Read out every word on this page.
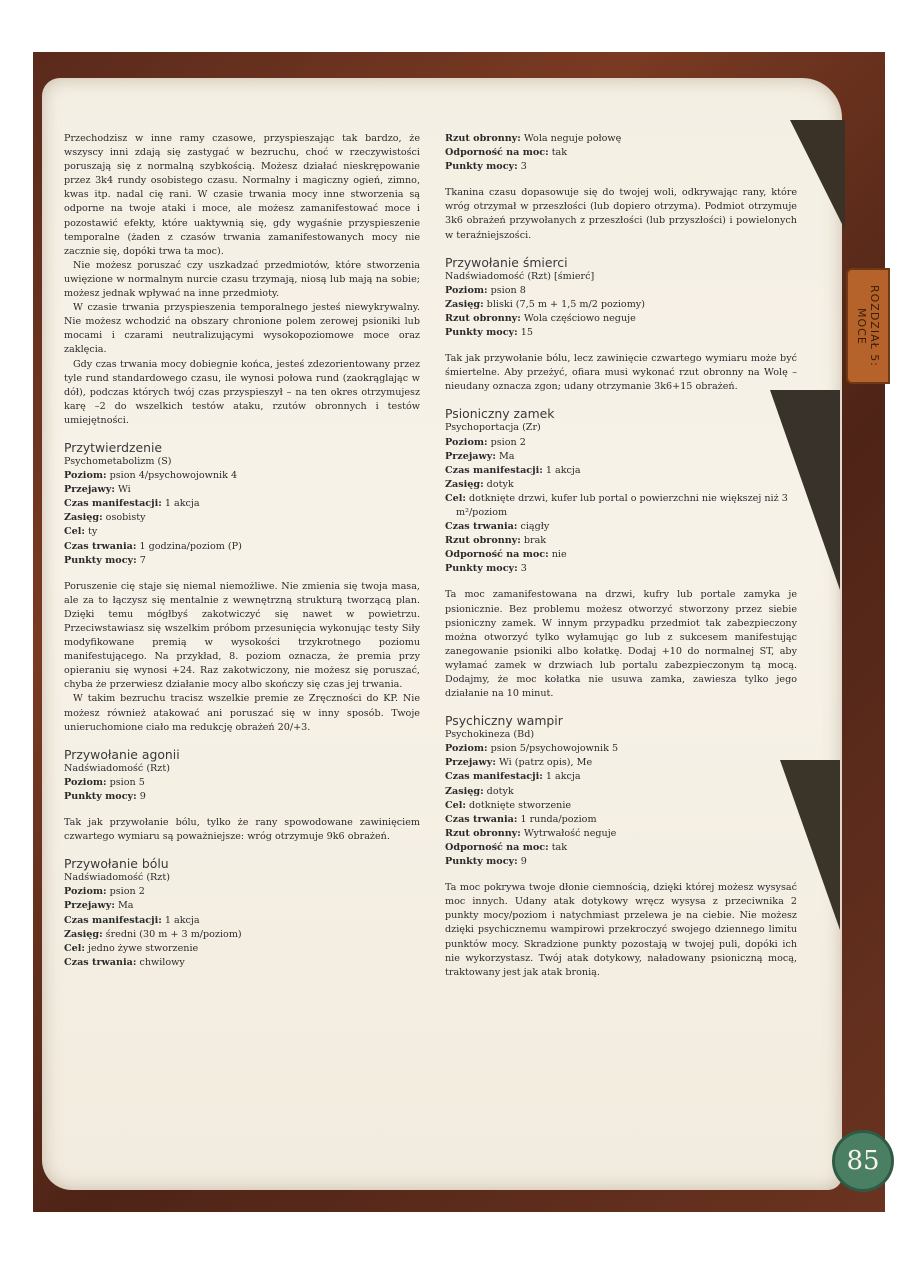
ROZDZIAŁ 5:
MOCE
85

Przechodzisz w inne ramy czasowe, przyspieszając tak bardzo, że wszyscy inni zdają się zastygać w bezruchu, choć w rzeczywistości poruszają się z normalną szybkością. Możesz działać nieskrępowanie przez 3k4 rundy osobistego czasu. Normalny i magiczny ogień, zimno, kwas itp. nadal cię rani. W czasie trwania mocy inne stworzenia są odporne na twoje ataki i moce, ale możesz zamanifestować moce i pozostawić efekty, które uaktywnią się, gdy wygaśnie przyspieszenie temporalne (żaden z czasów trwania zamanifestowanych mocy nie zacznie się, dopóki trwa ta moc).

Nie możesz poruszać czy uszkadzać przedmiotów, które stworzenia uwięzione w normalnym nurcie czasu trzymają, niosą lub mają na sobie; możesz jednak wpływać na inne przedmioty.

W czasie trwania przyspieszenia temporalnego jesteś niewykrywalny. Nie możesz wchodzić na obszary chronione polem zerowej psioniki lub mocami i czarami neutralizującymi wysokopoziomowe moce oraz zaklęcia.

Gdy czas trwania mocy dobiegnie końca, jesteś zdezorientowany przez tyle rund standardowego czasu, ile wynosi połowa rund (zaokrąglając w dół), podczas których twój czas przyspieszył – na ten okres otrzymujesz karę –2 do wszelkich testów ataku, rzutów obronnych i testów umiejętności.

Przytwierdzenie
Psychometabolizm (S)
Poziom: psion 4/psychowojownik 4
Przejawy: Wi
Czas manifestacji: 1 akcja
Zasięg: osobisty
Cel: ty
Czas trwania: 1 godzina/poziom (P)
Punkty mocy: 7

Poruszenie cię staje się niemal niemożliwe. Nie zmienia się twoja masa, ale za to łączysz się mentalnie z wewnętrzną strukturą tworzącą plan. Dzięki temu mógłbyś zakotwiczyć się nawet w powietrzu. Przeciwstawiasz się wszelkim próbom przesunięcia wykonując testy Siły modyfikowane premią w wysokości trzykrotnego poziomu manifestującego. Na przykład, 8. poziom oznacza, że premia przy opieraniu się wynosi +24. Raz zakotwiczony, nie możesz się poruszać, chyba że przerwiesz działanie mocy albo skończy się czas jej trwania.

W takim bezruchu tracisz wszelkie premie ze Zręczności do KP. Nie możesz również atakować ani poruszać się w inny sposób. Twoje unieruchomione ciało ma redukcję obrażeń 20/+3.

Przywołanie agonii
Nadświadomość (Rzt)
Poziom: psion 5
Punkty mocy: 9

Tak jak przywołanie bólu, tylko że rany spowodowane zawinięciem czwartego wymiaru są poważniejsze: wróg otrzymuje 9k6 obrażeń.

Przywołanie bólu
Nadświadomość (Rzt)
Poziom: psion 2
Przejawy: Ma
Czas manifestacji: 1 akcja
Zasięg: średni (30 m + 3 m/poziom)
Cel: jedno żywe stworzenie
Czas trwania: chwilowy
Rzut obronny: Wola neguje połowę
Odporność na moc: tak
Punkty mocy: 3

Tkanina czasu dopasowuje się do twojej woli, odkrywając rany, które wróg otrzymał w przeszłości (lub dopiero otrzyma). Podmiot otrzymuje 3k6 obrażeń przywołanych z przeszłości (lub przyszłości) i powielonych w teraźniejszości.

Przywołanie śmierci
Nadświadomość (Rzt) [śmierć]
Poziom: psion 8
Zasięg: bliski (7,5 m + 1,5 m/2 poziomy)
Rzut obronny: Wola częściowo neguje
Punkty mocy: 15

Tak jak przywołanie bólu, lecz zawinięcie czwartego wymiaru może być śmiertelne. Aby przeżyć, ofiara musi wykonać rzut obronny na Wolę – nieudany oznacza zgon; udany otrzymanie 3k6+15 obrażeń.

Psioniczny zamek
Psychoportacja (Zr)
Poziom: psion 2
Przejawy: Ma
Czas manifestacji: 1 akcja
Zasięg: dotyk
Cel: dotknięte drzwi, kufer lub portal o powierzchni nie większej niż 3 m²/poziom
Czas trwania: ciągły
Rzut obronny: brak
Odporność na moc: nie
Punkty mocy: 3

Ta moc zamanifestowana na drzwi, kufry lub portale zamyka je psionicznie. Bez problemu możesz otworzyć stworzony przez siebie psioniczny zamek. W innym przypadku przedmiot tak zabezpieczony można otworzyć tylko wyłamując go lub z sukcesem manifestując zanegowanie psioniki albo kołatkę. Dodaj +10 do normalnej ST, aby wyłamać zamek w drzwiach lub portalu zabezpieczonym tą mocą. Dodajmy, że moc kołatka nie usuwa zamka, zawiesza tylko jego działanie na 10 minut.

Psychiczny wampir
Psychokineza (Bd)
Poziom: psion 5/psychowojownik 5
Przejawy: Wi (patrz opis), Me
Czas manifestacji: 1 akcja
Zasięg: dotyk
Cel: dotknięte stworzenie
Czas trwania: 1 runda/poziom
Rzut obronny: Wytrwałość neguje
Odporność na moc: tak
Punkty mocy: 9

Ta moc pokrywa twoje dłonie ciemnością, dzięki której możesz wysysać moc innych. Udany atak dotykowy wręcz wysysa z przeciwnika 2 punkty mocy/poziom i natychmiast przelewa je na ciebie. Nie możesz dzięki psychicznemu wampirowi przekroczyć swojego dziennego limitu punktów mocy. Skradzione punkty pozostają w twojej puli, dopóki ich nie wykorzystasz. Twój atak dotykowy, naładowany psioniczną mocą, traktowany jest jak atak bronią.
